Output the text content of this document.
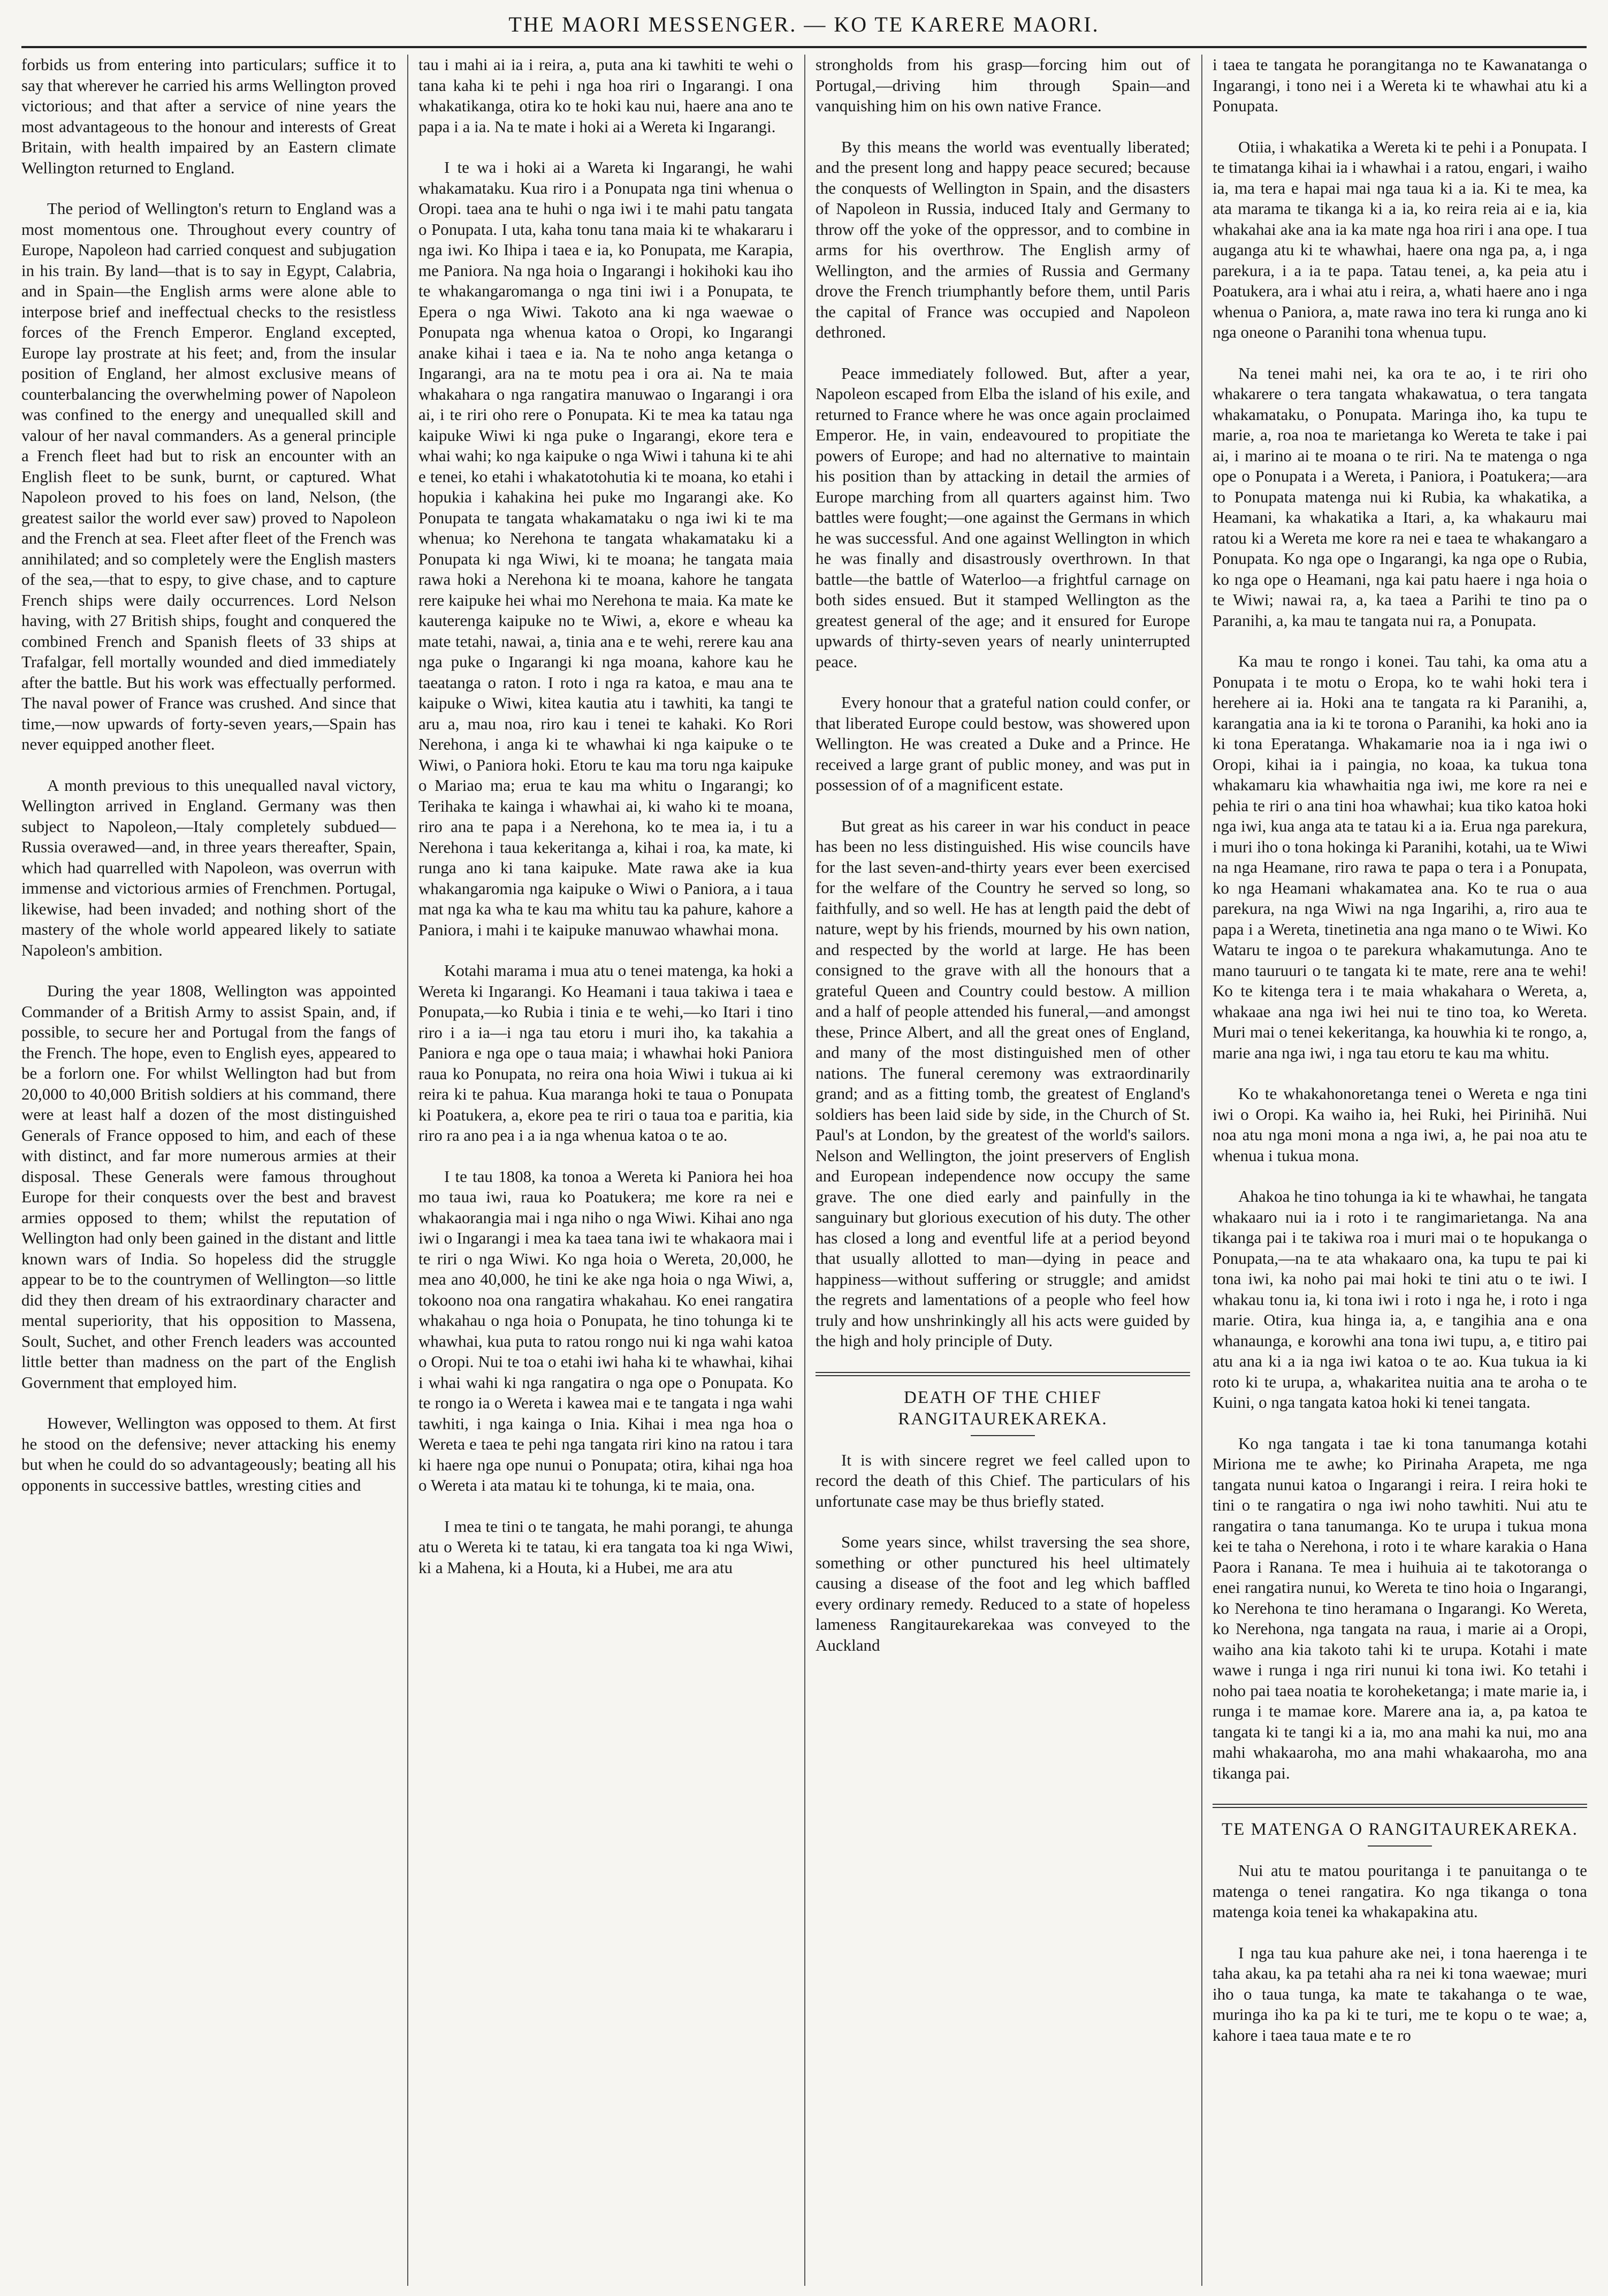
THE MAORI MESSENGER. — KO TE KARERE MAORI.

forbids us from entering into particulars; suffice it to say that wherever he carried his arms Wellington proved victorious; and that after a service of nine years the most advantageous to the honour and interests of Great Britain, with health impaired by an Eastern climate Wellington returned to England.

The period of Wellington's return to England was a most momentous one. Throughout every country of Europe, Napoleon had carried conquest and subjugation in his train. By land—that is to say in Egypt, Calabria, and in Spain—the English arms were alone able to interpose brief and ineffectual checks to the resistless forces of the French Emperor. England excepted, Europe lay prostrate at his feet; and, from the insular position of England, her almost exclusive means of counterbalancing the overwhelming power of Napoleon was confined to the energy and unequalled skill and valour of her naval commanders. As a general principle a French fleet had but to risk an encounter with an English fleet to be sunk, burnt, or captured. What Napoleon proved to his foes on land, Nelson, (the greatest sailor the world ever saw) proved to Napoleon and the French at sea. Fleet after fleet of the French was annihilated; and so completely were the English masters of the sea,—that to espy, to give chase, and to capture French ships were daily occurrences. Lord Nelson having, with 27 British ships, fought and conquered the combined French and Spanish fleets of 33 ships at Trafalgar, fell mortally wounded and died immediately after the battle. But his work was effectually performed. The naval power of France was crushed. And since that time,—now upwards of forty-seven years,—Spain has never equipped another fleet.

A month previous to this unequalled naval victory, Wellington arrived in England. Germany was then subject to Napoleon,—Italy completely subdued—Russia overawed—and, in three years thereafter, Spain, which had quarrelled with Napoleon, was overrun with immense and victorious armies of Frenchmen. Portugal, likewise, had been invaded; and nothing short of the mastery of the whole world appeared likely to satiate Napoleon's ambition.

During the year 1808, Wellington was appointed Commander of a British Army to assist Spain, and, if possible, to secure her and Portugal from the fangs of the French. The hope, even to English eyes, appeared to be a forlorn one. For whilst Wellington had but from 20,000 to 40,000 British soldiers at his command, there were at least half a dozen of the most distinguished Generals of France opposed to him, and each of these with distinct, and far more numerous armies at their disposal. These Generals were famous throughout Europe for their conquests over the best and bravest armies opposed to them; whilst the reputation of Wellington had only been gained in the distant and little known wars of India. So hopeless did the struggle appear to be to the countrymen of Wellington—so little did they then dream of his extraordinary character and mental superiority, that his opposition to Massena, Soult, Suchet, and other French leaders was accounted little better than madness on the part of the English Government that employed him.

However, Wellington was opposed to them. At first he stood on the defensive; never attacking his enemy but when he could do so advantageously; beating all his opponents in successive battles, wresting cities and

tau i mahi ai ia i reira, a, puta ana ki tawhiti te wehi o tana kaha ki te pehi i nga hoa riri o Ingarangi. I ona whakatikanga, otira ko te hoki kau nui, haere ana ano te papa i a ia. Na te mate i hoki ai a Wereta ki Ingarangi.

I te wa i hoki ai a Wareta ki Ingarangi, he wahi whakamataku. Kua riro i a Ponupata nga tini whenua o Oropi. taea ana te huhi o nga iwi i te mahi patu tangata o Ponupata. I uta, kaha tonu tana maia ki te whakararu i nga iwi. Ko Ihipa i taea e ia, ko Ponupata, me Karapia, me Paniora. Na nga hoia o Ingarangi i hokihoki kau iho te whakangaromanga o nga tini iwi i a Ponupata, te Epera o nga Wiwi. Takoto ana ki nga waewae o Ponupata nga whenua katoa o Oropi, ko Ingarangi anake kihai i taea e ia. Na te noho anga ketanga o Ingarangi, ara na te motu pea i ora ai. Na te maia whakahara o nga rangatira manuwao o Ingarangi i ora ai, i te riri oho rere o Ponupata. Ki te mea ka tatau nga kaipuke Wiwi ki nga puke o Ingarangi, ekore tera e whai wahi; ko nga kaipuke o nga Wiwi i tahuna ki te ahi e tenei, ko etahi i whakatotohutia ki te moana, ko etahi i hopukia i kahakina hei puke mo Ingarangi ake. Ko Ponupata te tangata whakamataku o nga iwi ki te ma whenua; ko Nerehona te tangata whakamataku ki a Ponupata ki nga Wiwi, ki te moana; he tangata maia rawa hoki a Nerehona ki te moana, kahore he tangata rere kaipuke hei whai mo Nerehona te maia. Ka mate ke kauterenga kaipuke no te Wiwi, a, ekore e wheau ka mate tetahi, nawai, a, tinia ana e te wehi, rerere kau ana nga puke o Ingarangi ki nga moana, kahore kau he taeatanga o raton. I roto i nga ra katoa, e mau ana te kaipuke o Wiwi, kitea kautia atu i tawhiti, ka tangi te aru a, mau noa, riro kau i tenei te kahaki. Ko Rori Nerehona, i anga ki te whawhai ki nga kaipuke o te Wiwi, o Paniora hoki. Etoru te kau ma toru nga kaipuke o Mariao ma; erua te kau ma whitu o Ingarangi; ko Terihaka te kainga i whawhai ai, ki waho ki te moana, riro ana te papa i a Nerehona, ko te mea ia, i tu a Nerehona i taua kekeritanga a, kihai i roa, ka mate, ki runga ano ki tana kaipuke. Mate rawa ake ia kua whakangaromia nga kaipuke o Wiwi o Paniora, a i taua mat nga ka wha te kau ma whitu tau ka pahure, kahore a Paniora, i mahi i te kaipuke manuwao whawhai mona.

Kotahi marama i mua atu o tenei matenga, ka hoki a Wereta ki Ingarangi. Ko Heamani i taua takiwa i taea e Ponupata,—ko Rubia i tinia e te wehi,—ko Itari i tino riro i a ia—i nga tau etoru i muri iho, ka takahia a Paniora e nga ope o taua maia; i whawhai hoki Paniora raua ko Ponupata, no reira ona hoia Wiwi i tukua ai ki reira ki te pahua. Kua maranga hoki te taua o Ponupata ki Poatukera, a, ekore pea te riri o taua toa e paritia, kia riro ra ano pea i a ia nga whenua katoa o te ao.

I te tau 1808, ka tonoa a Wereta ki Paniora hei hoa mo taua iwi, raua ko Poatukera; me kore ra nei e whakaorangia mai i nga niho o nga Wiwi. Kihai ano nga iwi o Ingarangi i mea ka taea tana iwi te whakaora mai i te riri o nga Wiwi. Ko nga hoia o Wereta, 20,000, he mea ano 40,000, he tini ke ake nga hoia o nga Wiwi, a, tokoono noa ona rangatira whakahau. Ko enei rangatira whakahau o nga hoia o Ponupata, he tino tohunga ki te whawhai, kua puta to ratou rongo nui ki nga wahi katoa o Oropi. Nui te toa o etahi iwi haha ki te whawhai, kihai i whai wahi ki nga rangatira o nga ope o Ponupata. Ko te rongo ia o Wereta i kawea mai e te tangata i nga wahi tawhiti, i nga kainga o Inia. Kihai i mea nga hoa o Wereta e taea te pehi nga tangata riri kino na ratou i tara ki haere nga ope nunui o Ponupata; otira, kihai nga hoa o Wereta i ata matau ki te tohunga, ki te maia, ona.

I mea te tini o te tangata, he mahi porangi, te ahunga atu o Wereta ki te tatau, ki era tangata toa ki nga Wiwi, ki a Mahena, ki a Houta, ki a Hubei, me ara atu

strongholds from his grasp—forcing him out of Portugal,—driving him through Spain—and vanquishing him on his own native France.

By this means the world was eventually liberated; and the present long and happy peace secured; because the conquests of Wellington in Spain, and the disasters of Napoleon in Russia, induced Italy and Germany to throw off the yoke of the oppressor, and to combine in arms for his overthrow. The English army of Wellington, and the armies of Russia and Germany drove the French triumphantly before them, until Paris the capital of France was occupied and Napoleon dethroned.

Peace immediately followed. But, after a year, Napoleon escaped from Elba the island of his exile, and returned to France where he was once again proclaimed Emperor. He, in vain, endeavoured to propitiate the powers of Europe; and had no alternative to maintain his position than by attacking in detail the armies of Europe marching from all quarters against him. Two battles were fought;—one against the Germans in which he was successful. And one against Wellington in which he was finally and disastrously overthrown. In that battle—the battle of Waterloo—a frightful carnage on both sides ensued. But it stamped Wellington as the greatest general of the age; and it ensured for Europe upwards of thirty-seven years of nearly uninterrupted peace.

Every honour that a grateful nation could confer, or that liberated Europe could bestow, was showered upon Wellington. He was created a Duke and a Prince. He received a large grant of public money, and was put in possession of of a magnificent estate.

But great as his career in war his conduct in peace has been no less distinguished. His wise councils have for the last seven-and-thirty years ever been exercised for the welfare of the Country he served so long, so faithfully, and so well. He has at length paid the debt of nature, wept by his friends, mourned by his own nation, and respected by the world at large. He has been consigned to the grave with all the honours that a grateful Queen and Country could bestow. A million and a half of people attended his funeral,—and amongst these, Prince Albert, and all the great ones of England, and many of the most distinguished men of other nations. The funeral ceremony was extraordinarily grand; and as a fitting tomb, the greatest of England's soldiers has been laid side by side, in the Church of St. Paul's at London, by the greatest of the world's sailors. Nelson and Wellington, the joint preservers of English and European independence now occupy the same grave. The one died early and painfully in the sanguinary but glorious execution of his duty. The other has closed a long and eventful life at a period beyond that usually allotted to man—dying in peace and happiness—without suffering or struggle; and amidst the regrets and lamentations of a people who feel how truly and how unshrinkingly all his acts were guided by the high and holy principle of Duty.

DEATH OF THE CHIEF RANGITAUREKAREKA.

It is with sincere regret we feel called upon to record the death of this Chief. The particulars of his unfortunate case may be thus briefly stated.

Some years since, whilst traversing the sea shore, something or other punctured his heel ultimately causing a disease of the foot and leg which baffled every ordinary remedy. Reduced to a state of hopeless lameness Rangitaurekarekaa was conveyed to the Auckland

i taea te tangata he porangitanga no te Kawanatanga o Ingarangi, i tono nei i a Wereta ki te whawhai atu ki a Ponupata.

Otiia, i whakatika a Wereta ki te pehi i a Ponupata. I te timatanga kihai ia i whawhai i a ratou, engari, i waiho ia, ma tera e hapai mai nga taua ki a ia. Ki te mea, ka ata marama te tikanga ki a ia, ko reira reia ai e ia, kia whakahai ake ana ia ka mate nga hoa riri i ana ope. I tua auganga atu ki te whawhai, haere ona nga pa, a, i nga parekura, i a ia te papa. Tatau tenei, a, ka peia atu i Poatukera, ara i whai atu i reira, a, whati haere ano i nga whenua o Paniora, a, mate rawa ino tera ki runga ano ki nga oneone o Paranihi tona whenua tupu.

Na tenei mahi nei, ka ora te ao, i te riri oho whakarere o tera tangata whakawatua, o tera tangata whakamataku, o Ponupata. Maringa iho, ka tupu te marie, a, roa noa te marietanga ko Wereta te take i pai ai, i marino ai te moana o te riri. Na te matenga o nga ope o Ponupata i a Wereta, i Paniora, i Poatukera;—ara to Ponupata matenga nui ki Rubia, ka whakatika, a Heamani, ka whakatika a Itari, a, ka whakauru mai ratou ki a Wereta me kore ra nei e taea te whakangaro a Ponupata. Ko nga ope o Ingarangi, ka nga ope o Rubia, ko nga ope o Heamani, nga kai patu haere i nga hoia o te Wiwi; nawai ra, a, ka taea a Parihi te tino pa o Paranihi, a, ka mau te tangata nui ra, a Ponupata.

Ka mau te rongo i konei. Tau tahi, ka oma atu a Ponupata i te motu o Eropa, ko te wahi hoki tera i herehere ai ia. Hoki ana te tangata ra ki Paranihi, a, karangatia ana ia ki te torona o Paranihi, ka hoki ano ia ki tona Eperatanga. Whakamarie noa ia i nga iwi o Oropi, kihai ia i paingia, no koaa, ka tukua tona whakamaru kia whawhaitia nga iwi, me kore ra nei e pehia te riri o ana tini hoa whawhai; kua tiko katoa hoki nga iwi, kua anga ata te tatau ki a ia. Erua nga parekura, i muri iho o tona hokinga ki Paranihi, kotahi, ua te Wiwi na nga Heamane, riro rawa te papa o tera i a Ponupata, ko nga Heamani whakamatea ana. Ko te rua o aua parekura, na nga Wiwi na nga Ingarihi, a, riro aua te papa i a Wereta, tinetinetia ana nga mano o te Wiwi. Ko Wataru te ingoa o te parekura whakamutunga. Ano te mano tauruuri o te tangata ki te mate, rere ana te wehi! Ko te kitenga tera i te maia whakahara o Wereta, a, whakaae ana nga iwi hei nui te tino toa, ko Wereta. Muri mai o tenei kekeritanga, ka houwhia ki te rongo, a, marie ana nga iwi, i nga tau etoru te kau ma whitu.

Ko te whakahonoretanga tenei o Wereta e nga tini iwi o Oropi. Ka waiho ia, hei Ruki, hei Pirinihā. Nui noa atu nga moni mona a nga iwi, a, he pai noa atu te whenua i tukua mona.

Ahakoa he tino tohunga ia ki te whawhai, he tangata whakaaro nui ia i roto i te rangimarietanga. Na ana tikanga pai i te takiwa roa i muri mai o te hopukanga o Ponupata,—na te ata whakaaro ona, ka tupu te pai ki tona iwi, ka noho pai mai hoki te tini atu o te iwi. I whakau tonu ia, ki tona iwi i roto i nga he, i roto i nga marie. Otira, kua hinga ia, a, e tangihia ana e ona whanaunga, e korowhi ana tona iwi tupu, a, e titiro pai atu ana ki a ia nga iwi katoa o te ao. Kua tukua ia ki roto ki te urupa, a, whakaritea nuitia ana te aroha o te Kuini, o nga tangata katoa hoki ki tenei tangata.

Ko nga tangata i tae ki tona tanumanga kotahi Miriona me te awhe; ko Pirinaha Arapeta, me nga tangata nunui katoa o Ingarangi i reira. I reira hoki te tini o te rangatira o nga iwi noho tawhiti. Nui atu te rangatira o tana tanumanga. Ko te urupa i tukua mona kei te taha o Nerehona, i roto i te whare karakia o Hana Paora i Ranana. Te mea i huihuia ai te takotoranga o enei rangatira nunui, ko Wereta te tino hoia o Ingarangi, ko Nerehona te tino heramana o Ingarangi. Ko Wereta, ko Nerehona, nga tangata na raua, i marie ai a Oropi, waiho ana kia takoto tahi ki te urupa. Kotahi i mate wawe i runga i nga riri nunui ki tona iwi. Ko tetahi i noho pai taea noatia te koroheketanga; i mate marie ia, i runga i te mamae kore. Marere ana ia, a, pa katoa te tangata ki te tangi ki a ia, mo ana mahi ka nui, mo ana mahi whakaaroha, mo ana mahi whakaaroha, mo ana tikanga pai.

TE MATENGA O RANGITAUREKAREKA.

Nui atu te matou pouritanga i te panuitanga o te matenga o tenei rangatira. Ko nga tikanga o tona matenga koia tenei ka whakapakina atu.

I nga tau kua pahure ake nei, i tona haerenga i te taha akau, ka pa tetahi aha ra nei ki tona waewae; muri iho o taua tunga, ka mate te takahanga o te wae, muringa iho ka pa ki te turi, me te kopu o te wae; a, kahore i taea taua mate e te ro
